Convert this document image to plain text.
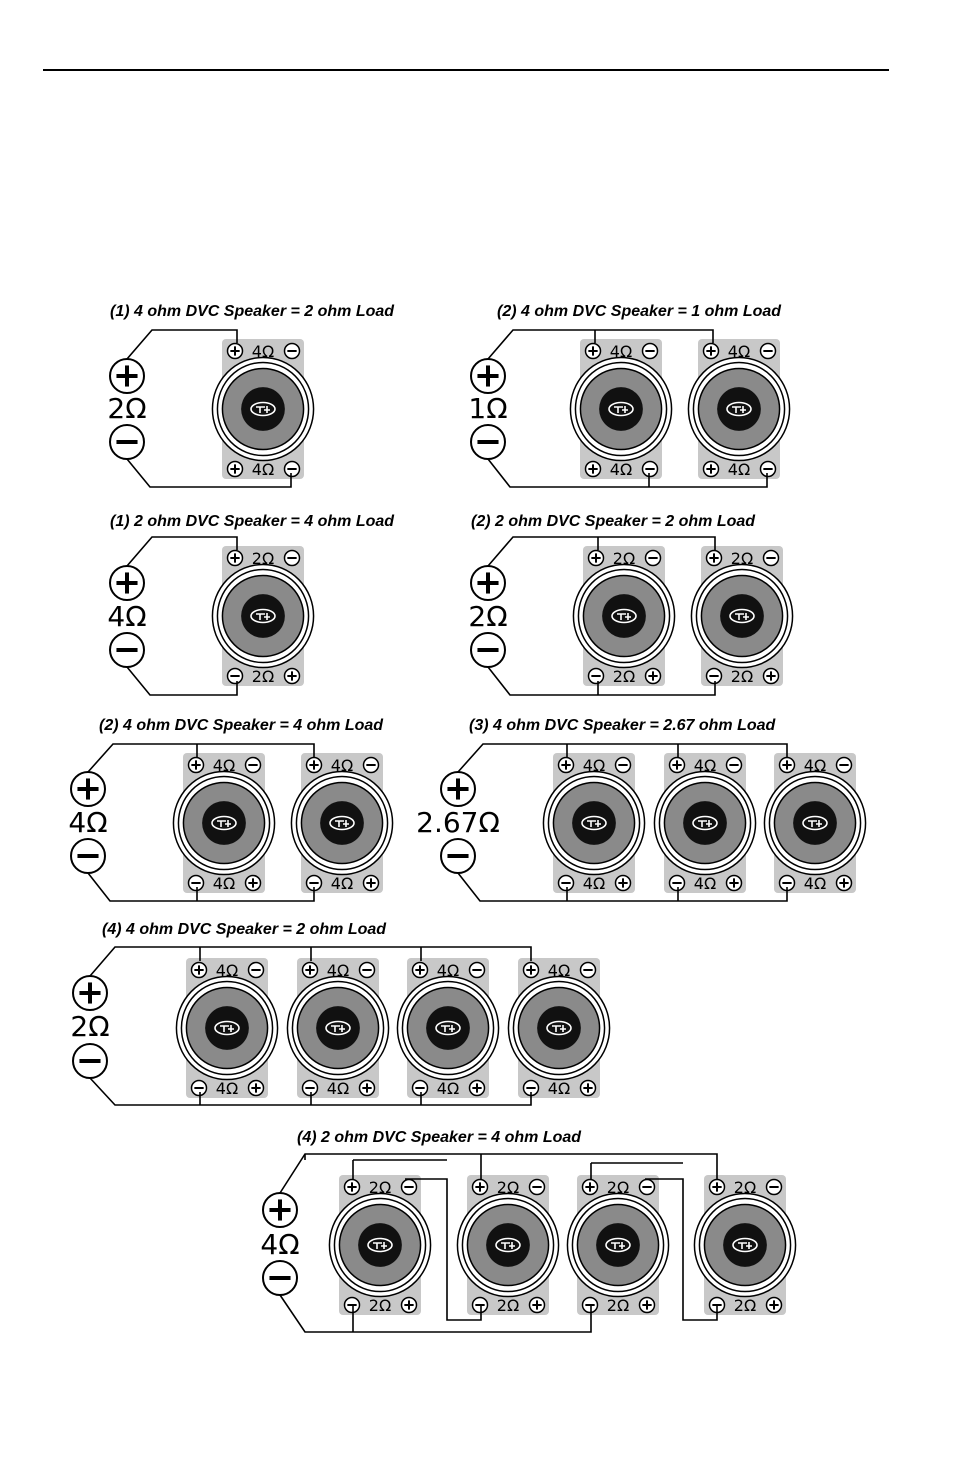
(1) 4 ohm DVC Speaker = 2 ohm Load
2Ω
4Ω
4Ω
(2) 4 ohm DVC Speaker = 1 ohm Load
1Ω
4Ω
4Ω
4Ω
4Ω
(1) 2 ohm DVC Speaker = 4 ohm Load
4Ω
2Ω
2Ω
(2) 2 ohm DVC Speaker = 2 ohm Load
2Ω
2Ω
2Ω
2Ω
2Ω
(2) 4 ohm DVC Speaker = 4 ohm Load
4Ω
4Ω
4Ω
4Ω
4Ω
(3) 4 ohm DVC Speaker = 2.67 ohm Load
2.67Ω
4Ω
4Ω
4Ω
4Ω
4Ω
4Ω
(4) 4 ohm DVC Speaker = 2 ohm Load
2Ω
4Ω
4Ω
4Ω
4Ω
4Ω
4Ω
4Ω
4Ω
(4) 2 ohm DVC Speaker = 4 ohm Load
4Ω
2Ω
2Ω
2Ω
2Ω
2Ω
2Ω
2Ω
2Ω
